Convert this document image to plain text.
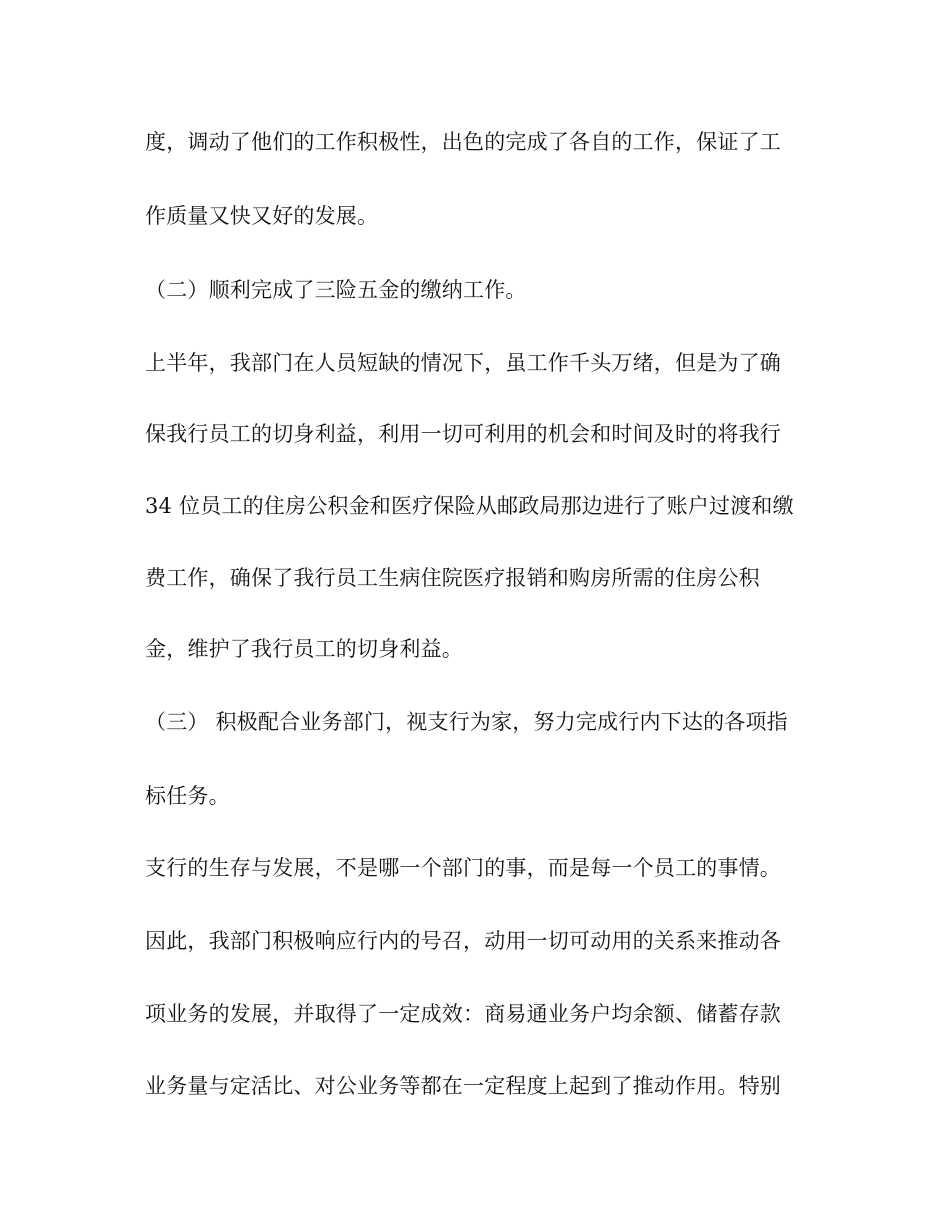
度，调动了他们的工作积极性，出色的完成了各自的工作，保证了工
作质量又快又好的发展。
（二）顺利完成了三险五金的缴纳工作。
上半年，我部门在人员短缺的情况下，虽工作千头万绪，但是为了确
保我行员工的切身利益，利用一切可利用的机会和时间及时的将我行
34 位员工的住房公积金和医疗保险从邮政局那边进行了账户过渡和缴
费工作，确保了我行员工生病住院医疗报销和购房所需的住房公积
金，维护了我行员工的切身利益。
（三） 积极配合业务部门，视支行为家，努力完成行内下达的各项指
标任务。
支行的生存与发展，不是哪一个部门的事，而是每一个员工的事情。
因此，我部门积极响应行内的号召，动用一切可动用的关系来推动各
项业务的发展，并取得了一定成效：商易通业务户均余额、储蓄存款
业务量与定活比、对公业务等都在一定程度上起到了推动作用。特别
